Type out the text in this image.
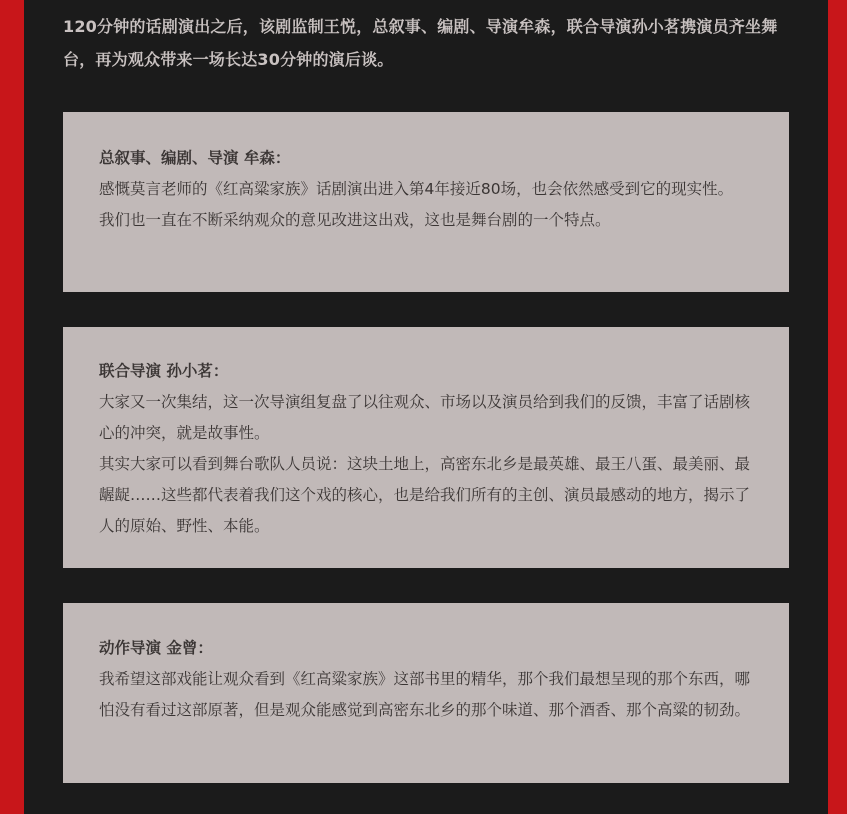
120分钟的话剧演出之后，该剧监制王悦，总叙事、编剧、导演牟森，联合导演孙小茗携演员齐坐舞台，再为观众带来一场长达30分钟的演后谈。
总叙事、编剧、导演 牟森：
感慨莫言老师的《红高粱家族》话剧演出进入第4年接近80场，也会依然感受到它的现实性。
我们也一直在不断采纳观众的意见改进这出戏，这也是舞台剧的一个特点。
联合导演 孙小茗：
大家又一次集结，这一次导演组复盘了以往观众、市场以及演员给到我们的反馈，丰富了话剧核心的冲突，就是故事性。
其实大家可以看到舞台歌队人员说：这块土地上，高密东北乡是最英雄、最王八蛋、最美丽、最龌龊……这些都代表着我们这个戏的核心，也是给我们所有的主创、演员最感动的地方，揭示了人的原始、野性、本能。
动作导演 金曾：
我希望这部戏能让观众看到《红高粱家族》这部书里的精华，那个我们最想呈现的那个东西，哪怕没有看过这部原著，但是观众能感觉到高密东北乡的那个味道、那个酒香、那个高粱的韧劲。
